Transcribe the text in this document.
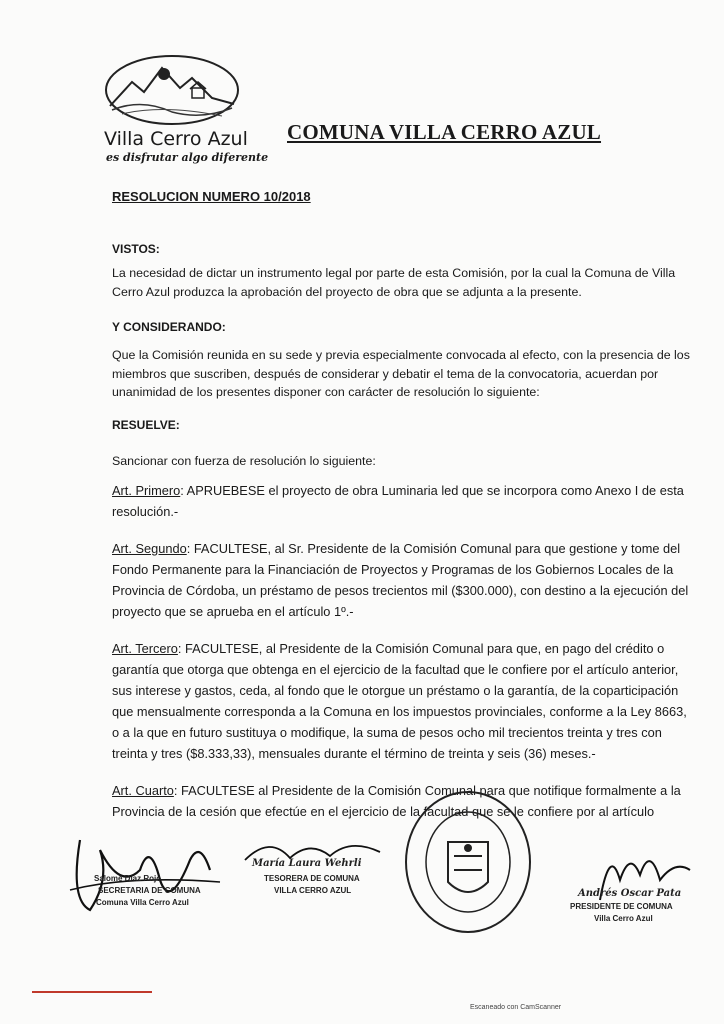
Villa Cerro Azul
es disfrutar algo diferente
COMUNA VILLA CERRO AZUL
RESOLUCION NUMERO 10/2018
VISTOS:
La necesidad de dictar un instrumento legal por parte de esta Comisión, por la cual la Comuna de Villa Cerro Azul produzca la aprobación del proyecto de obra que se adjunta a la presente.
Y CONSIDERANDO:
Que la Comisión reunida en su sede y previa especialmente convocada al efecto, con la presencia de los miembros que suscriben, después de considerar y debatir el tema de la convocatoria, acuerdan por unanimidad de los presentes disponer con carácter de resolución lo siguiente:
RESUELVE:
Sancionar con fuerza de resolución lo siguiente:
Art. Primero: APRUEBESE el proyecto de obra Luminaria led que se incorpora como Anexo I de esta resolución.-
Art. Segundo: FACULTESE, al Sr. Presidente de la Comisión Comunal para que gestione y tome del Fondo Permanente para la Financiación de Proyectos y Programas de los Gobiernos Locales de la Provincia de Córdoba, un préstamo de pesos trecientos mil ($300.000), con destino a la ejecución del proyecto que se aprueba en el artículo 1º.-
Art. Tercero: FACULTESE, al Presidente de la Comisión Comunal para que, en pago del crédito o garantía que otorga que obtenga en el ejercicio de la facultad que le confiere por el artículo anterior, sus interese y gastos, ceda, al fondo que le otorgue un préstamo o la garantía, de la coparticipación que mensualmente corresponda a la Comuna en los impuestos provinciales, conforme a la Ley 8663, o a la que en futuro sustituya o modifique, la suma de pesos ocho mil trecientos treinta y tres con treinta y tres ($8.333,33), mensuales durante el término de treinta y seis (36) meses.-
Art. Cuarto: FACULTESE al Presidente de la Comisión Comunal para que notifique formalmente a la Provincia de la cesión que efectúe en el ejercicio de la facultad que se le confiere por al artículo
Salomé Diaz Rojo
SECRETARIA DE COMUNA
Comuna Villa Cerro Azul
María Laura Wehrli
TESORERA DE COMUNA
VILLA CERRO AZUL	Andrés Oscar Pata
PRESIDENTE DE COMUNA
Villa Cerro Azul
Escaneado con CamScanner
